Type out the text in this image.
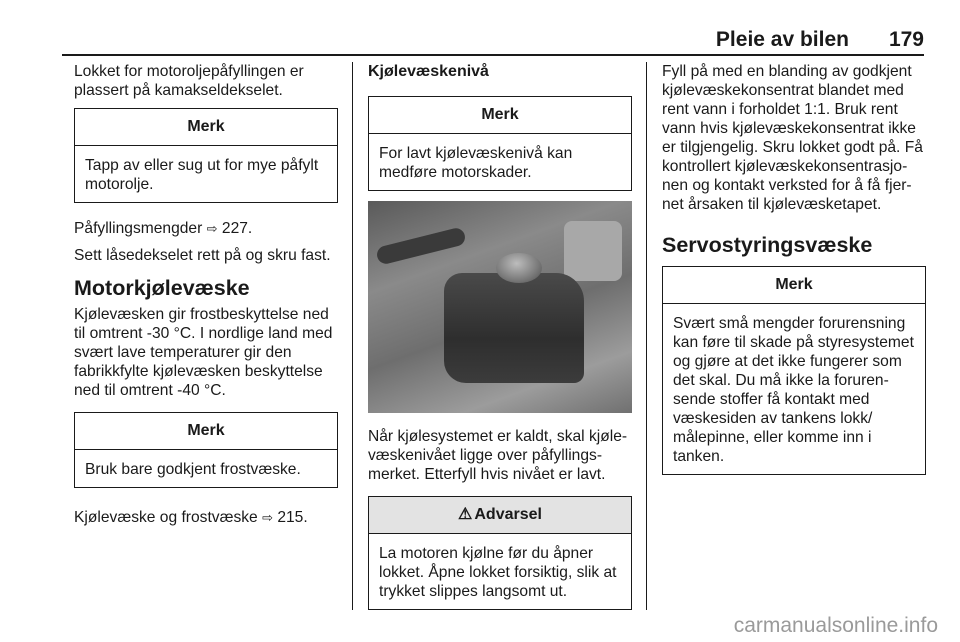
Pleie av bilen 179
Lokket for motoroljepåfyllingen er
plassert på kamakseldekselet.
Merk
Tapp av eller sug ut for mye påfylt
motorolje.
Påfyllingsmengder ⇨ 227.
Sett låsedekselet rett på og skru fast.
Motorkjølevæske
Kjølevæsken gir frostbeskyttelse ned
til omtrent -30 °C. I nordlige land med
svært lave temperaturer gir den
fabrikkfylte kjølevæsken beskyttelse
ned til omtrent -40 °C.
Merk
Bruk bare godkjent frostvæske.
Kjølevæske og frostvæske ⇨ 215.
Kjølevæskenivå
Merk
For lavt kjølevæskenivå kan
medføre motorskader.
Når kjølesystemet er kaldt, skal kjøle-
væskenivået ligge over påfyllings-
merket. Etterfyll hvis nivået er lavt.
⚠ Advarsel
La motoren kjølne før du åpner
lokket. Åpne lokket forsiktig, slik at
trykket slippes langsomt ut.
Fyll på med en blanding av godkjent
kjølevæskekonsentrat blandet med
rent vann i forholdet 1:1. Bruk rent
vann hvis kjølevæskekonsentrat ikke
er tilgjengelig. Skru lokket godt på. Få
kontrollert kjølevæskekonsentrasjo-
nen og kontakt verksted for å få fjer-
net årsaken til kjølevæsketapet.
Servostyringsvæske
Merk
Svært små mengder forurensning
kan føre til skade på styresystemet
og gjøre at det ikke fungerer som
det skal. Du må ikke la foruren-
sende stoffer få kontakt med
væskesiden av tankens lokk/
målepinne, eller komme inn i
tanken.
carmanualsonline.info
